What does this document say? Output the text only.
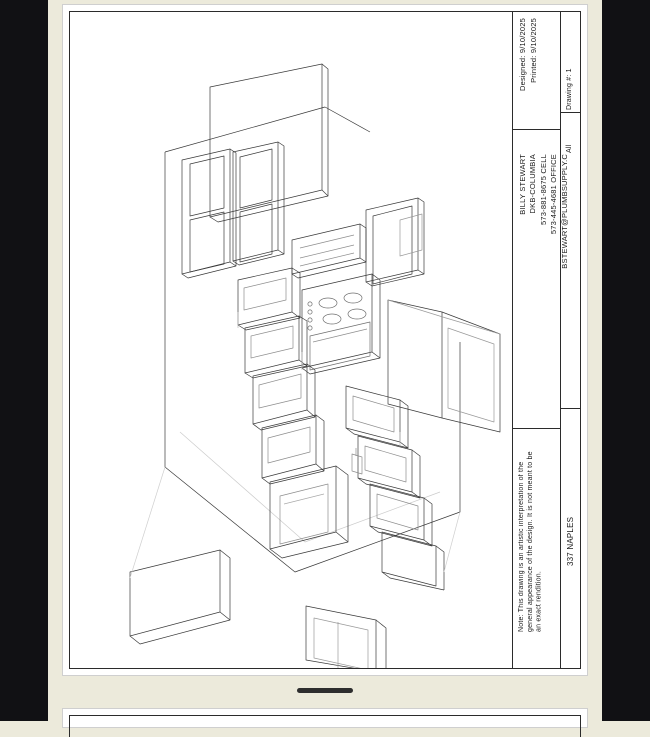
Designed: 9/10/2025 Printed: 9/10/2025
BILLY STEWART DKB-COLUMBIA 573-881-8675 CELL 573-445-4681 OFFICE BSTEWART@PLUMBSUPPLY.C
Note: This drawing is an artistic interpretation of the general appearance of the design. It is not meant to be an exact rendition.
Drawing #: 1
All
337 NAPLES
